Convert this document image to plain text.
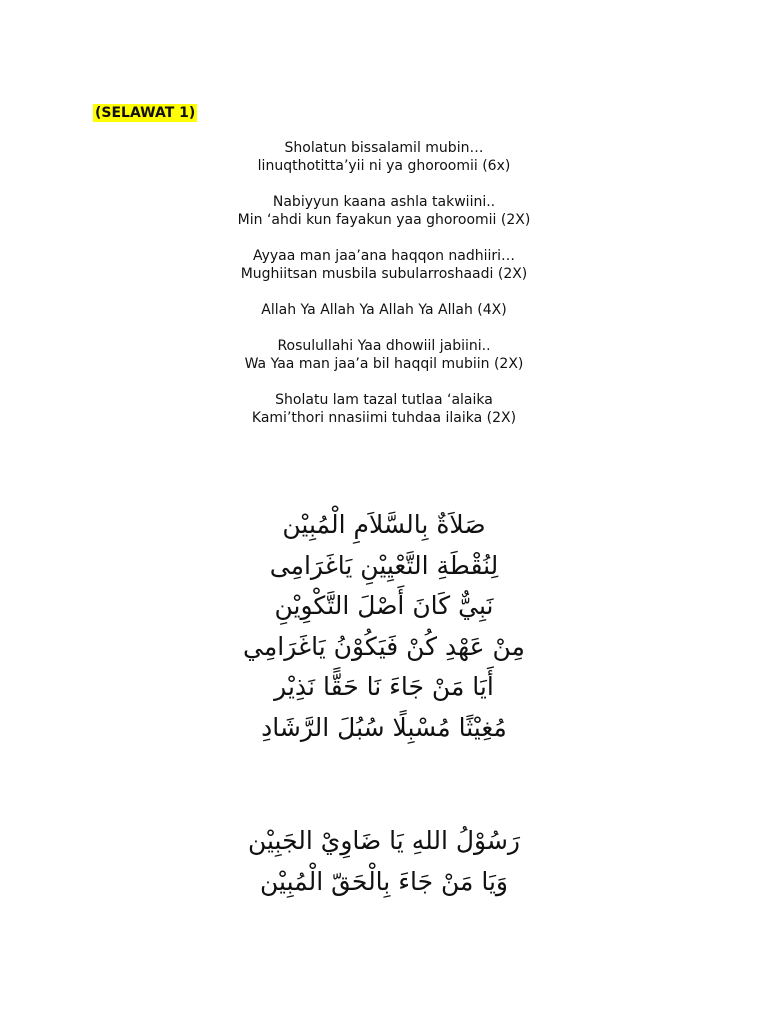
(SELAWAT 1)
Sholatun bissalamil mubin…
linuqthotitta’yii ni ya ghoroomii (6x)
Nabiyyun kaana ashla takwiini..
Min ‘ahdi kun fayakun yaa ghoroomii (2X)
Ayyaa man jaa’ana haqqon nadhiiri…
Mughiitsan musbila subularroshaadi (2X)
Allah Ya Allah Ya Allah Ya Allah (4X)
Rosulullahi Yaa dhowiil jabiini..
Wa Yaa man jaa’a bil haqqil mubiin (2X)
Sholatu lam tazal tutlaa ‘alaika
Kami’thori nnasiimi tuhdaa ilaika (2X)
صَلاَةٌ بِالسَّلاَمِ الْمُبِيْن
لِنُقْطَةِ التَّعْيِيْنِ يَاغَرَامِى
نَبِيٌّ كَانَ أَصْلَ التَّكْوِيْنِ
مِنْ عَهْدِ كُنْ فَيَكُوْنُ يَاغَرَامِي
أَيَا مَنْ جَاءَ نَا حَقًّا نَذِيْر
مُغِيْثًا مُسْبِلًا سُبُلَ الرَّشَادِ
رَسُوْلُ اللهِ يَا ضَاوِيْ الجَبِيْن
وَيَا مَنْ جَاءَ بِالْحَقّ الْمُبِيْن
